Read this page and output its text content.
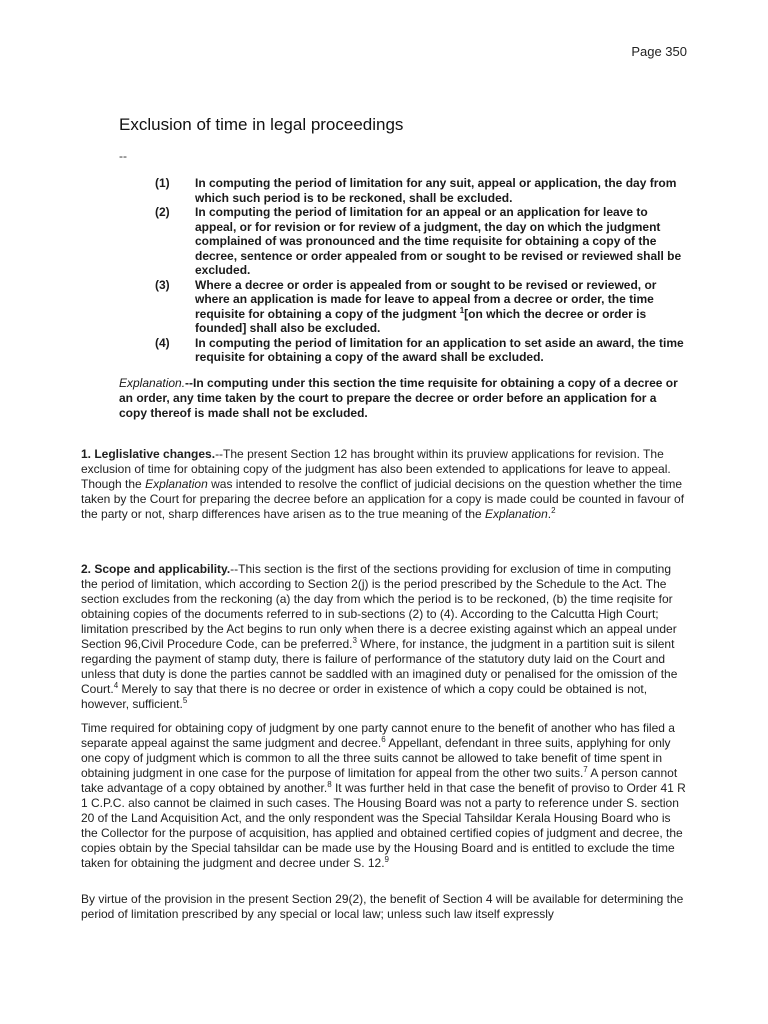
Page 350
Exclusion of time in legal proceedings
--
(1)	In computing the period of limitation for any suit, appeal or application, the day from which such period is to be reckoned, shall be excluded.
(2)	In computing the period of limitation for an appeal or an application for leave to appeal, or for revision or for review of a judgment, the day on which the judgment complained of was pronounced and the time requisite for obtaining a copy of the decree, sentence or order appealed from or sought to be revised or reviewed shall be excluded.
(3)	Where a decree or order is appealed from or sought to be revised or reviewed, or where an application is made for leave to appeal from a decree or order, the time requisite for obtaining a copy of the judgment $^1$[on which the decree or order is founded] shall also be excluded.
(4)	In computing the period of limitation for an application to set aside an award, the time requisite for obtaining a copy of the award shall be excluded.

Explanation.--In computing under this section the time requisite for obtaining a copy of a decree or an order, any time taken by the court to prepare the decree or order before an application for a copy thereof is made shall not be excluded.

1. Leglislative changes.--The present Section 12 has brought within its pruview applications for revision. The exclusion of time for obtaining copy of the judgment has also been extended to applications for leave to appeal. Though the Explanation was intended to resolve the conflict of judicial decisions on the question whether the time taken by the Court for preparing the decree before an application for a copy is made could be counted in favour of the party or not, sharp differences have arisen as to the true meaning of the Explanation.$^2$

2. Scope and applicability.--This section is the first of the sections providing for exclusion of time in computing the period of limitation, which according to Section 2(j) is the period prescribed by the Schedule to the Act. The section excludes from the reckoning (a) the day from which the period is to be reckoned, (b) the time reqisite for obtaining copies of the documents referred to in sub-sections (2) to (4). According to the Calcutta High Court; limitation prescribed by the Act begins to run only when there is a decree existing against which an appeal under Section 96,Civil Procedure Code, can be preferred.$^3$ Where, for instance, the judgment in a partition suit is silent regarding the payment of stamp duty, there is failure of performance of the statutory duty laid on the Court and unless that duty is done the parties cannot be saddled with an imagined duty or penalised for the omission of the Court.$^4$ Merely to say that there is no decree or order in existence of which a copy could be obtained is not, however, sufficient.$^5$

Time required for obtaining copy of judgment by one party cannot enure to the benefit of another who has filed a separate appeal against the same judgment and decree.$^6$ Appellant, defendant in three suits, applyhing for only one copy of judgment which is common to all the three suits cannot be allowed to take benefit of time spent in obtaining judgment in one case for the purpose of limitation for appeal from the other two suits.$^7$ A person cannot take advantage of a copy obtained by another.$^8$ It was further held in that case the benefit of proviso to Order 41 R 1 C.P.C. also cannot be claimed in such cases. The Housing Board was not a party to reference under S. section 20 of the Land Acquisition Act, and the only respondent was the Special Tahsildar Kerala Housing Board who is the Collector for the purpose of acquisition, has applied and obtained certified copies of judgment and decree, the copies obtain by the Special tahsildar can be made use by the Housing Board and is entitled to exclude the time taken for obtaining the judgment and decree under S. 12.$^9$

By virtue of the provision in the present Section 29(2), the benefit of Section 4 will be available for determining the period of limitation prescribed by any special or local law; unless such law itself expressly
